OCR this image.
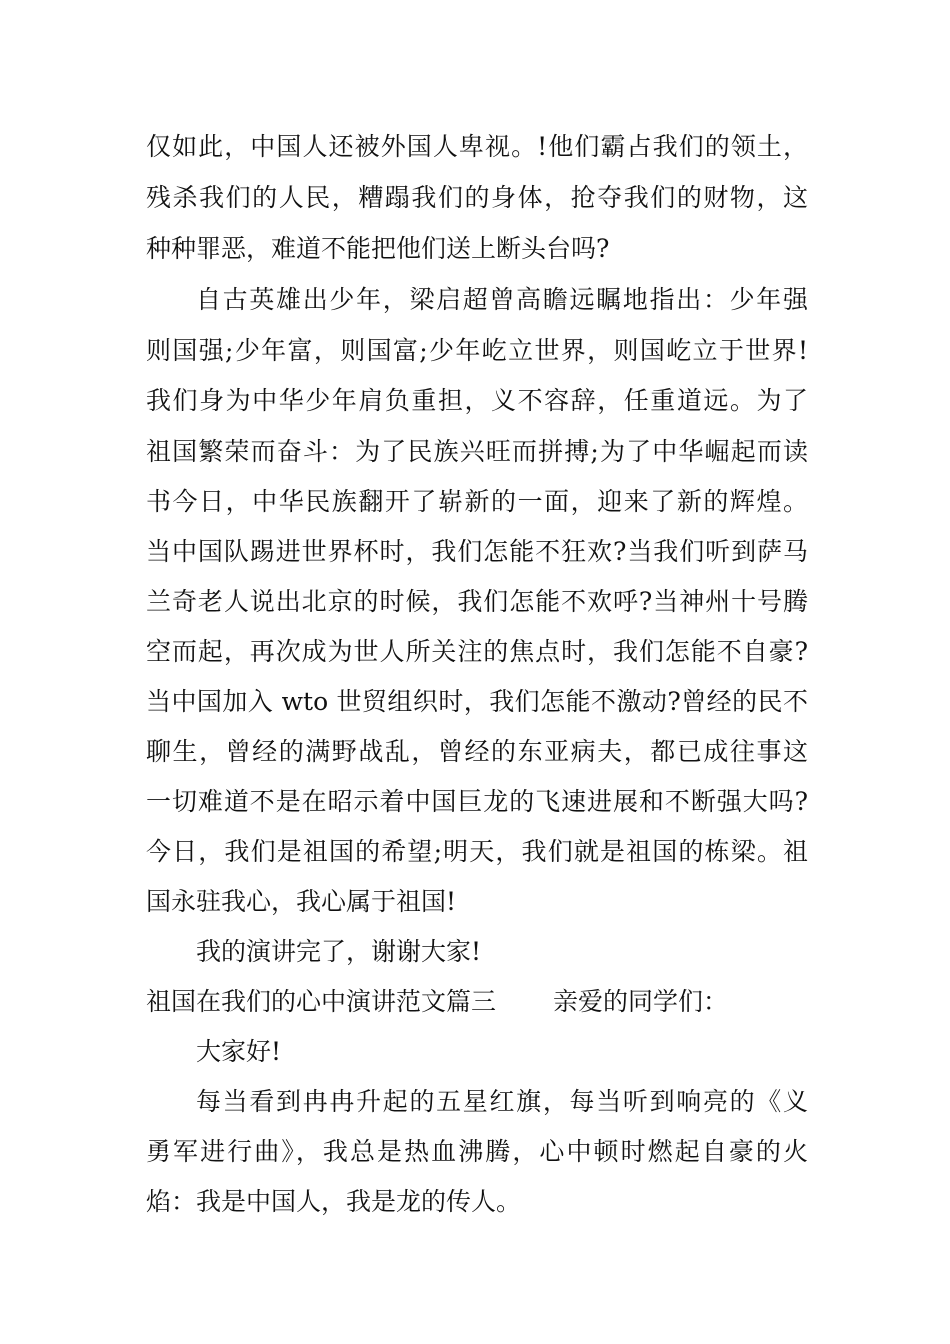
仅如此，中国人还被外国人卑视。!他们霸占我们的领土，
残杀我们的人民，糟蹋我们的身体，抢夺我们的财物，这
种种罪恶，难道不能把他们送上断头台吗?
自古英雄出少年，梁启超曾高瞻远瞩地指出：少年强
则国强;少年富，则国富;少年屹立世界，则国屹立于世界!
我们身为中华少年肩负重担，义不容辞，任重道远。为了
祖国繁荣而奋斗：为了民族兴旺而拼搏;为了中华崛起而读
书今日，中华民族翻开了崭新的一面，迎来了新的辉煌。
当中国队踢进世界杯时，我们怎能不狂欢?当我们听到萨马
兰奇老人说出北京的时候，我们怎能不欢呼?当神州十号腾
空而起，再次成为世人所关注的焦点时，我们怎能不自豪?
当中国加入 wto 世贸组织时，我们怎能不激动?曾经的民不
聊生，曾经的满野战乱，曾经的东亚病夫，都已成往事这
一切难道不是在昭示着中国巨龙的飞速进展和不断强大吗?
今日，我们是祖国的希望;明天，我们就是祖国的栋梁。祖
国永驻我心，我心属于祖国!
我的演讲完了，谢谢大家!
祖国在我们的心中演讲范文篇三 亲爱的同学们：
大家好!
每当看到冉冉升起的五星红旗，每当听到响亮的《义
勇军进行曲》，我总是热血沸腾，心中顿时燃起自豪的火
焰：我是中国人，我是龙的传人。
